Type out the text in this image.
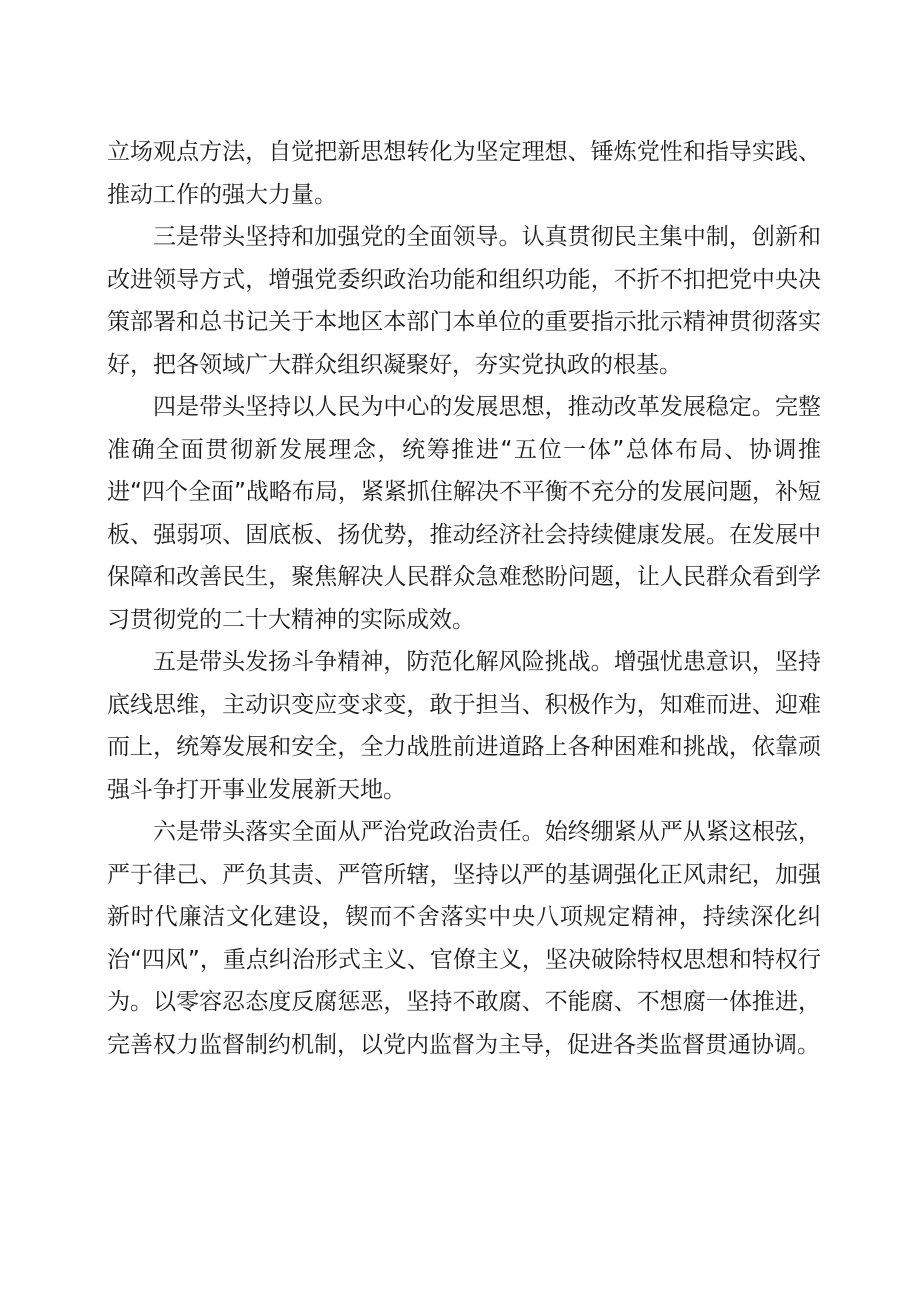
立场观点方法，自觉把新思想转化为坚定理想、锤炼党性和指导实践、推动工作的强大力量。

三是带头坚持和加强党的全面领导。认真贯彻民主集中制，创新和改进领导方式，增强党委织政治功能和组织功能，不折不扣把党中央决策部署和总书记关于本地区本部门本单位的重要指示批示精神贯彻落实好，把各领域广大群众组织凝聚好，夯实党执政的根基。

四是带头坚持以人民为中心的发展思想，推动改革发展稳定。完整准确全面贯彻新发展理念，统筹推进“五位一体”总体布局、协调推进“四个全面”战略布局，紧紧抓住解决不平衡不充分的发展问题，补短板、强弱项、固底板、扬优势，推动经济社会持续健康发展。在发展中保障和改善民生，聚焦解决人民群众急难愁盼问题，让人民群众看到学习贯彻党的二十大精神的实际成效。

五是带头发扬斗争精神，防范化解风险挑战。增强忧患意识，坚持底线思维，主动识变应变求变，敢于担当、积极作为，知难而进、迎难而上，统筹发展和安全，全力战胜前进道路上各种困难和挑战，依靠顽强斗争打开事业发展新天地。

六是带头落实全面从严治党政治责任。始终绷紧从严从紧这根弦，严于律己、严负其责、严管所辖，坚持以严的基调强化正风肃纪，加强新时代廉洁文化建设，锲而不舍落实中央八项规定精神，持续深化纠治“四风”，重点纠治形式主义、官僚主义，坚决破除特权思想和特权行为。以零容忍态度反腐惩恶，坚持不敢腐、不能腐、不想腐一体推进，完善权力监督制约机制，以党内监督为主导，促进各类监督贯通协调。
